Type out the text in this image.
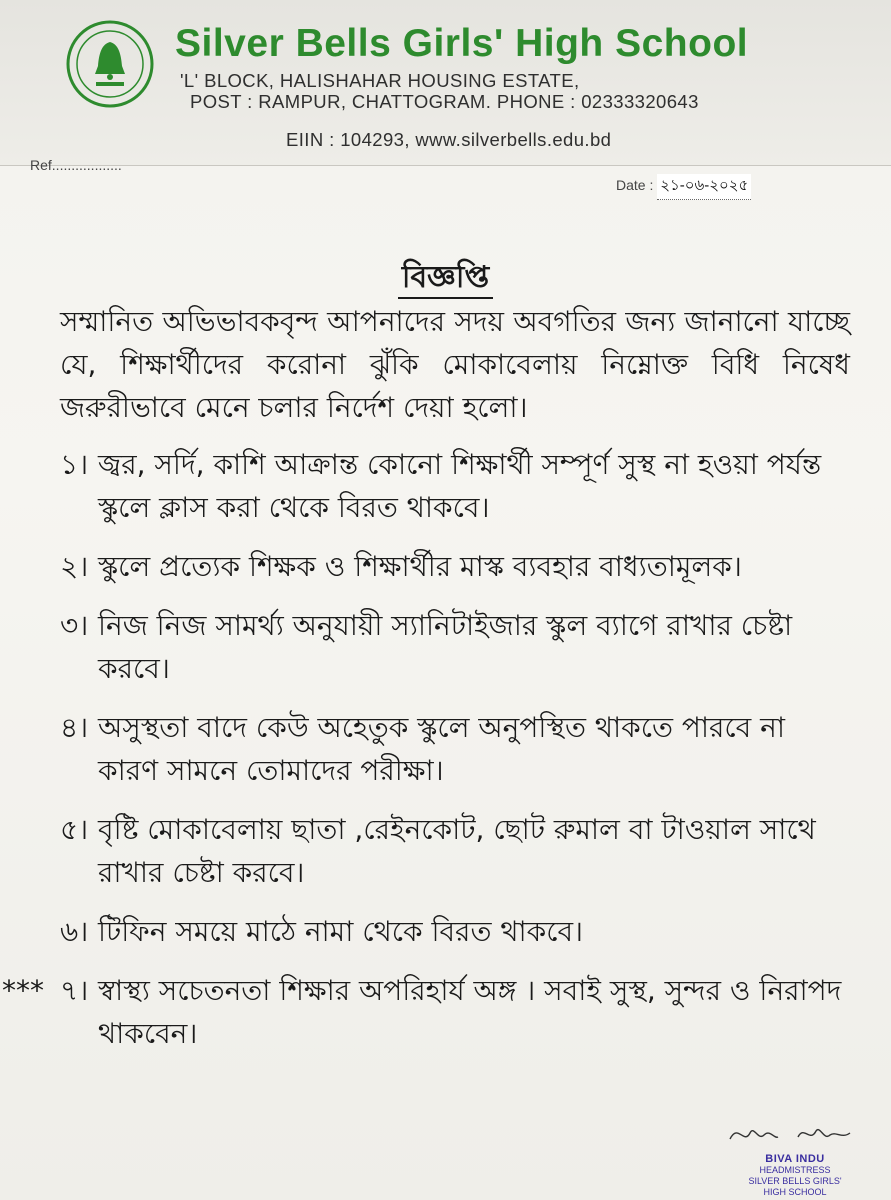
Silver Bells Girls' High School
'L' BLOCK, HALISHAHAR HOUSING ESTATE,
POST : RAMPUR, CHATTOGRAM. PHONE : 02333320643
EIIN : 104293, www.silverbells.edu.bd
Ref..................
Date : ২১-০৬-২০২৫
বিজ্ঞপ্তি

সম্মানিত অভিভাবকবৃন্দ আপনাদের সদয় অবগতির জন্য জানানো যাচ্ছে যে, শিক্ষার্থীদের করোনা ঝুঁকি মোকাবেলায় নিম্নোক্ত বিধি নিষেধ জরুরীভাবে মেনে চলার নির্দেশ দেয়া হলো।

১। জ্বর, সর্দি, কাশি আক্রান্ত কোনো শিক্ষার্থী সম্পূর্ণ সুস্থ না হওয়া পর্যন্ত স্কুলে ক্লাস করা থেকে বিরত থাকবে।
২। স্কুলে প্রত্যেক শিক্ষক ও শিক্ষার্থীর মাস্ক ব্যবহার বাধ্যতামূলক।
৩। নিজ নিজ সামর্থ্য অনুযায়ী স্যানিটাইজার স্কুল ব্যাগে রাখার চেষ্টা করবে।
৪। অসুস্থতা বাদে কেউ অহেতুক স্কুলে অনুপস্থিত থাকতে পারবে না কারণ সামনে তোমাদের পরীক্ষা।
৫। বৃষ্টি মোকাবেলায় ছাতা ,রেইনকোট, ছোট রুমাল বা টাওয়াল সাথে রাখার চেষ্টা করবে।
৬। টিফিন সময়ে মাঠে নামা থেকে বিরত থাকবে।
*** ৭। স্বাস্থ্য সচেতনতা শিক্ষার অপরিহার্য অঙ্গ । সবাই সুস্থ, সুন্দর ও নিরাপদ থাকবেন।
BIVA INDU
HEADMISTRESS
SILVER BELLS GIRLS'
HIGH SCHOOL
